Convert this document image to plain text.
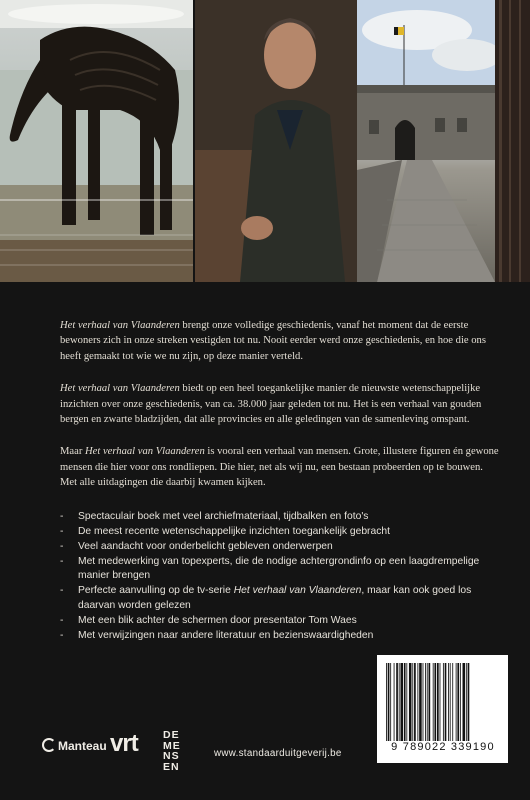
Het verhaal van Vlaanderen brengt onze volledige geschiedenis, vanaf het moment dat de eerste bewoners zich in onze streken vestigden tot nu. Nooit eerder werd onze geschiedenis, en hoe die ons heeft gemaakt tot wie we nu zijn, op deze manier verteld.

Het verhaal van Vlaanderen biedt op een heel toegankelijke manier de nieuwste wetenschappelijke inzichten over onze geschiedenis, van ca. 38.000 jaar geleden tot nu. Het is een verhaal van gouden bergen en zwarte bladzijden, dat alle provincies en alle geledingen van de samenleving omspant.

Maar Het verhaal van Vlaanderen is vooral een verhaal van mensen. Grote, illustere figuren én gewone mensen die hier voor ons rondliepen. Die hier, net als wij nu, een bestaan probeerden op te bouwen. Met alle uitdagingen die daarbij kwamen kijken.

- Spectaculair boek met veel archiefmateriaal, tijdbalken en foto's
- De meest recente wetenschappelijke inzichten toegankelijk gebracht
- Veel aandacht voor onderbelicht gebleven onderwerpen
- Met medewerking van topexperts, die de nodige achtergrondinfo op een laagdrempelige manier brengen
- Perfecte aanvulling op de tv-serie Het verhaal van Vlaanderen, maar kan ook goed los daarvan worden gelezen
- Met een blik achter de schermen door presentator Tom Waes
- Met verwijzingen naar andere literatuur en bezienswaardigheden
9 789022 339190
Manteau vrt DE
ME
NS
EN
www.standaarduitgeverij.be
